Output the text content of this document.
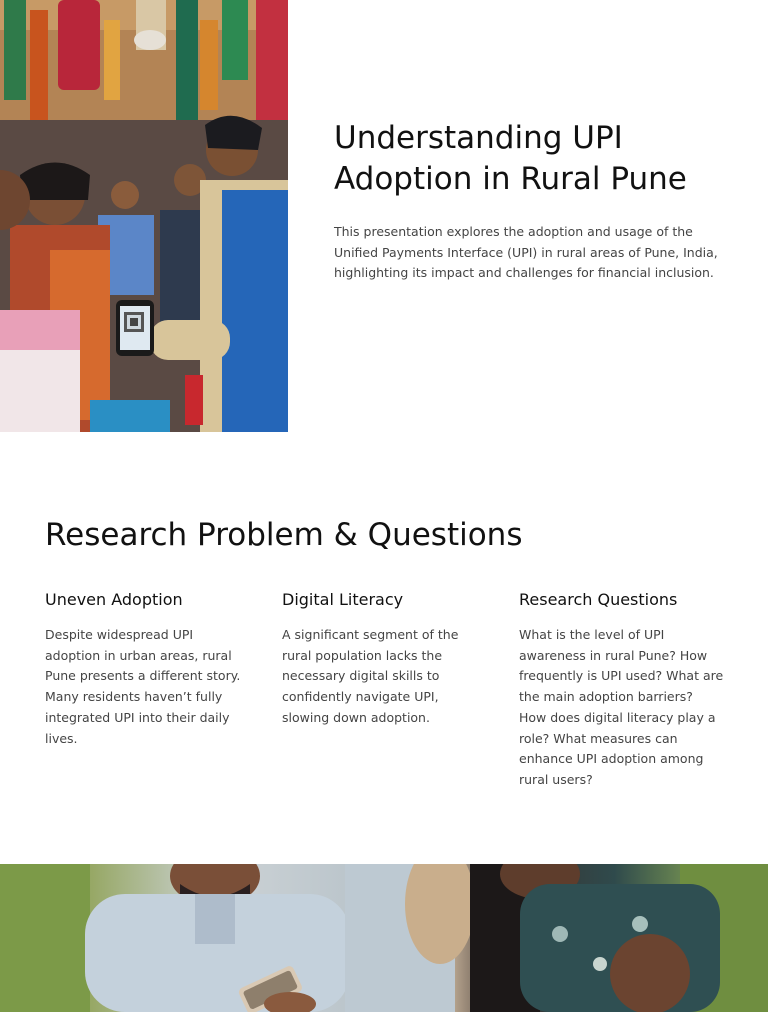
Understanding UPI
Adoption in Rural Pune

This presentation explores the adoption and usage of the Unified Payments Interface (UPI) in rural areas of Pune, India, highlighting its impact and challenges for financial inclusion.

Research Problem & Questions
Uneven Adoption

Despite widespread UPI adoption in urban areas, rural Pune presents a different story. Many residents haven’t fully integrated UPI into their daily lives.

Digital Literacy

A significant segment of the rural population lacks the necessary digital skills to confidently navigate UPI, slowing down adoption.

Research Questions

What is the level of UPI awareness in rural Pune? How frequently is UPI used? What are the main adoption barriers? How does digital literacy play a role? What measures can enhance UPI adoption among rural users?
